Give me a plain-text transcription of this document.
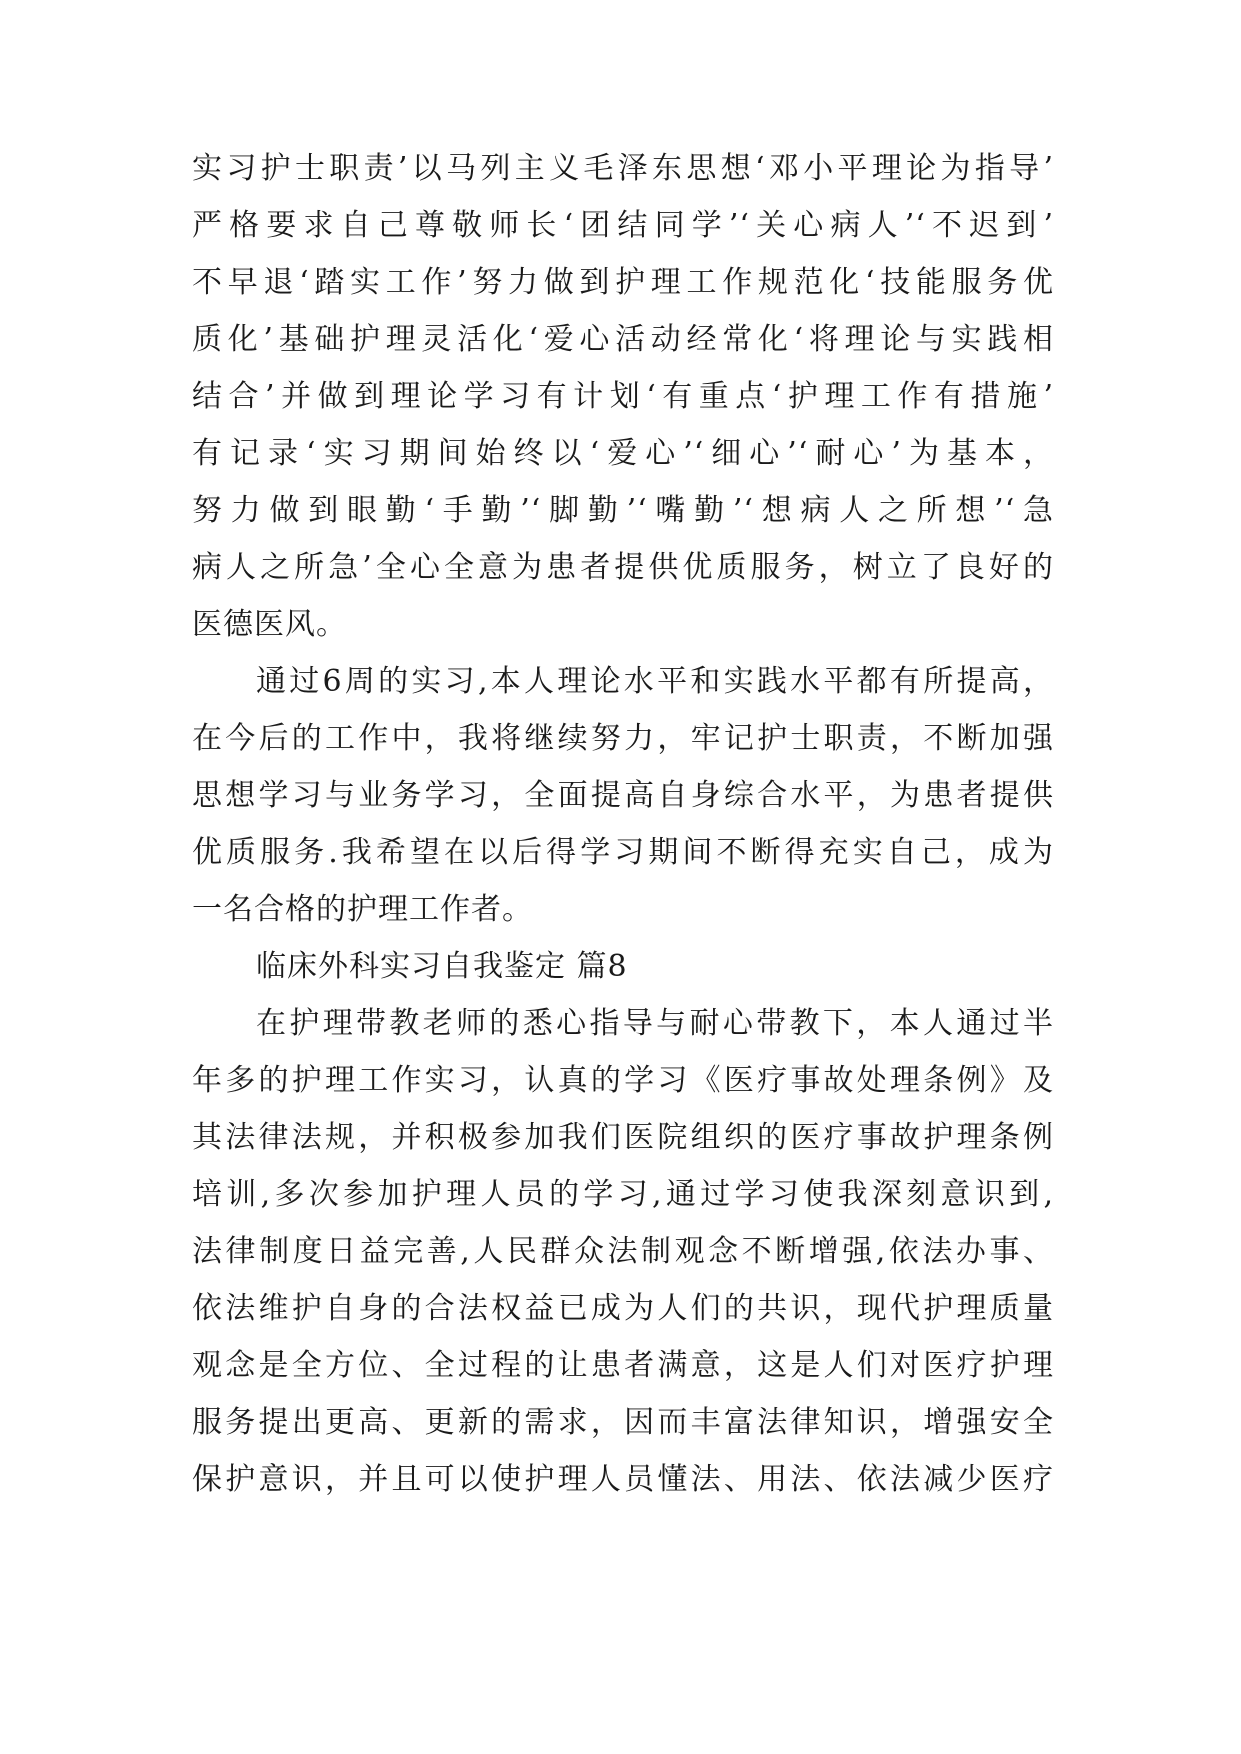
实习护士职责’以马列主义毛泽东思想‘邓小平理论为指导’
严格要求自己尊敬师长‘团结同学’‘关心病人’‘不迟到’
不早退‘踏实工作’努力做到护理工作规范化‘技能服务优
质化’基础护理灵活化‘爱心活动经常化‘将理论与实践相
结合’并做到理论学习有计划‘有重点‘护理工作有措施’
有记录‘实习期间始终以‘爱心’‘细心’‘耐心’为基本，
努力做到眼勤‘手勤’‘脚勤’‘嘴勤’‘想病人之所想’‘急
病人之所急’全心全意为患者提供优质服务，树立了良好的
医德医风。
通过6周的实习,本人理论水平和实践水平都有所提高，
在今后的工作中，我将继续努力，牢记护士职责，不断加强
思想学习与业务学习，全面提高自身综合水平，为患者提供
优质服务.我希望在以后得学习期间不断得充实自己，成为
一名合格的护理工作者。
临床外科实习自我鉴定 篇8
在护理带教老师的悉心指导与耐心带教下，本人通过半
年多的护理工作实习，认真的学习《医疗事故处理条例》及
其法律法规，并积极参加我们医院组织的医疗事故护理条例
培训,多次参加护理人员的学习,通过学习使我深刻意识到,
法律制度日益完善,人民群众法制观念不断增强,依法办事、
依法维护自身的合法权益已成为人们的共识，现代护理质量
观念是全方位、全过程的让患者满意，这是人们对医疗护理
服务提出更高、更新的需求，因而丰富法律知识，增强安全
保护意识，并且可以使护理人员懂法、用法、依法减少医疗
